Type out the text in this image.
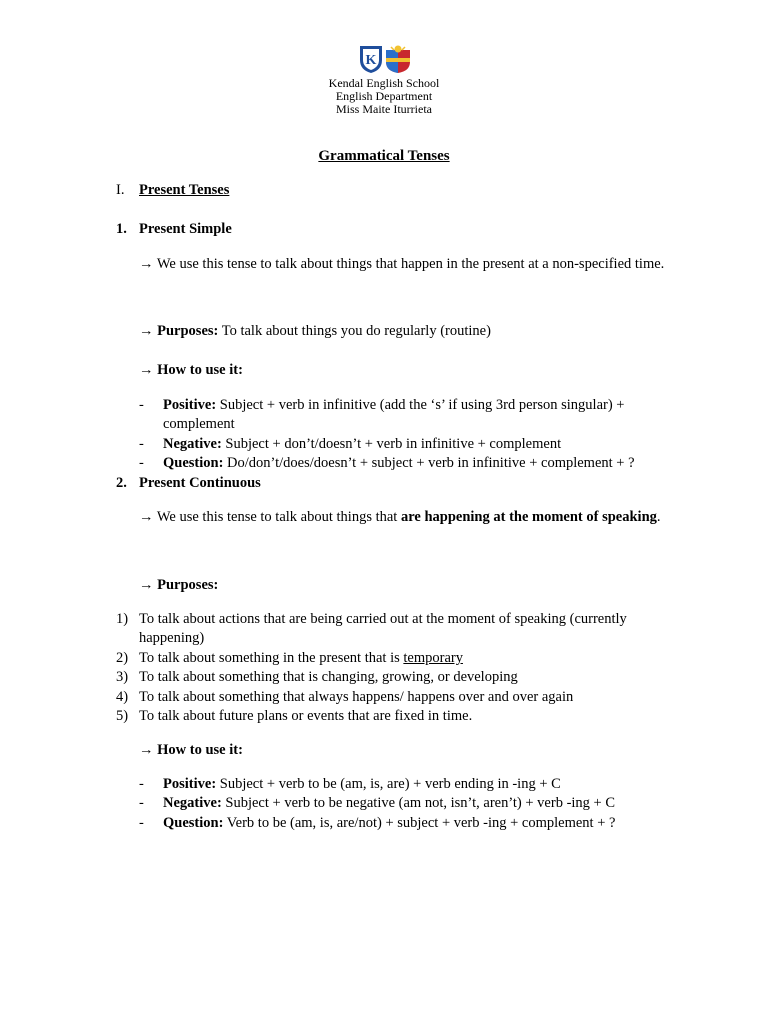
K
Kendal English School
English Department
Miss Maite Iturrieta
Grammatical Tenses
I. Present Tenses
1. Present Simple
→ We use this tense to talk about things that happen in the present at a non-specified time.
→ Purposes: To talk about things you do regularly (routine)
→ How to use it:
- Positive: Subject + verb in infinitive (add the ‘s’ if using 3rd person singular) + complement
- Negative: Subject + don’t/doesn’t + verb in infinitive + complement
- Question: Do/don’t/does/doesn’t + subject + verb in infinitive + complement + ?
2. Present Continuous
→ We use this tense to talk about things that are happening at the moment of speaking.
→ Purposes:
1) To talk about actions that are being carried out at the moment of speaking (currently happening)
2) To talk about something in the present that is temporary
3) To talk about something that is changing, growing, or developing
4) To talk about something that always happens/ happens over and over again
5) To talk about future plans or events that are fixed in time.
→ How to use it:
- Positive: Subject + verb to be (am, is, are) + verb ending in -ing + C
- Negative: Subject + verb to be negative (am not, isn’t, aren’t) + verb -ing + C
- Question: Verb to be (am, is, are/not) + subject + verb -ing + complement + ?
